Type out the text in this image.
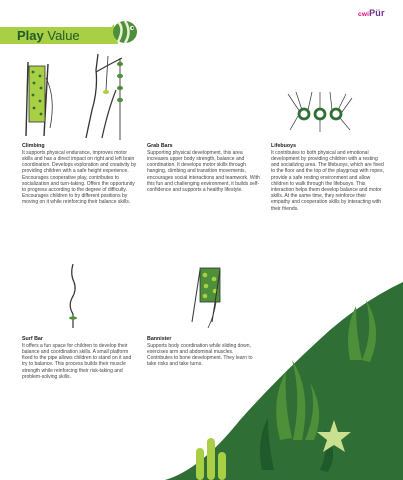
Play Value
cwiPür
Climbing
It supports physical endurance, improves motor skills and has a direct impact on right and left brain coordination. Develops exploration and creativity by providing children with a safe height experience. Encourages cooperative play, contributes to socialization and turn-taking. Offers the opportunity to progress according to the degree of difficulty. Encourages children to try different positions by moving on it while reinforcing their balance skills.
Grab Bars
Supporting physical development, this area increases upper body strength, balance and coordination. It develops motor skills through hanging, climbing and transition movements, encourages social interactions and teamwork. With this fun and challenging environment, it builds self-confidence and supports a healthy lifestyle.
Lifebuoys
It contributes to both physical and emotional development by providing children with a resting and socializing area. The lifebuoys, which are fixed to the floor and the top of the playgroup with ropes, provide a safe resting environment and allow children to walk through the lifebuoys. This interaction helps them develop balance and motor skills. At the same time, they reinforce their empathy and cooperation skills by interacting with their friends.
Surf Bar
It offers a fun space for children to develop their balance and coordination skills. A small platform fixed to the pipe allows children to stand on it and try to balance. This process builds their muscle strength while reinforcing their risk-taking and problem-solving skills.
Bannister
Supports body coordination while sliding down, exercises arm and abdominal muscles. Contributes to bone development. They learn to take risks and take turns.
